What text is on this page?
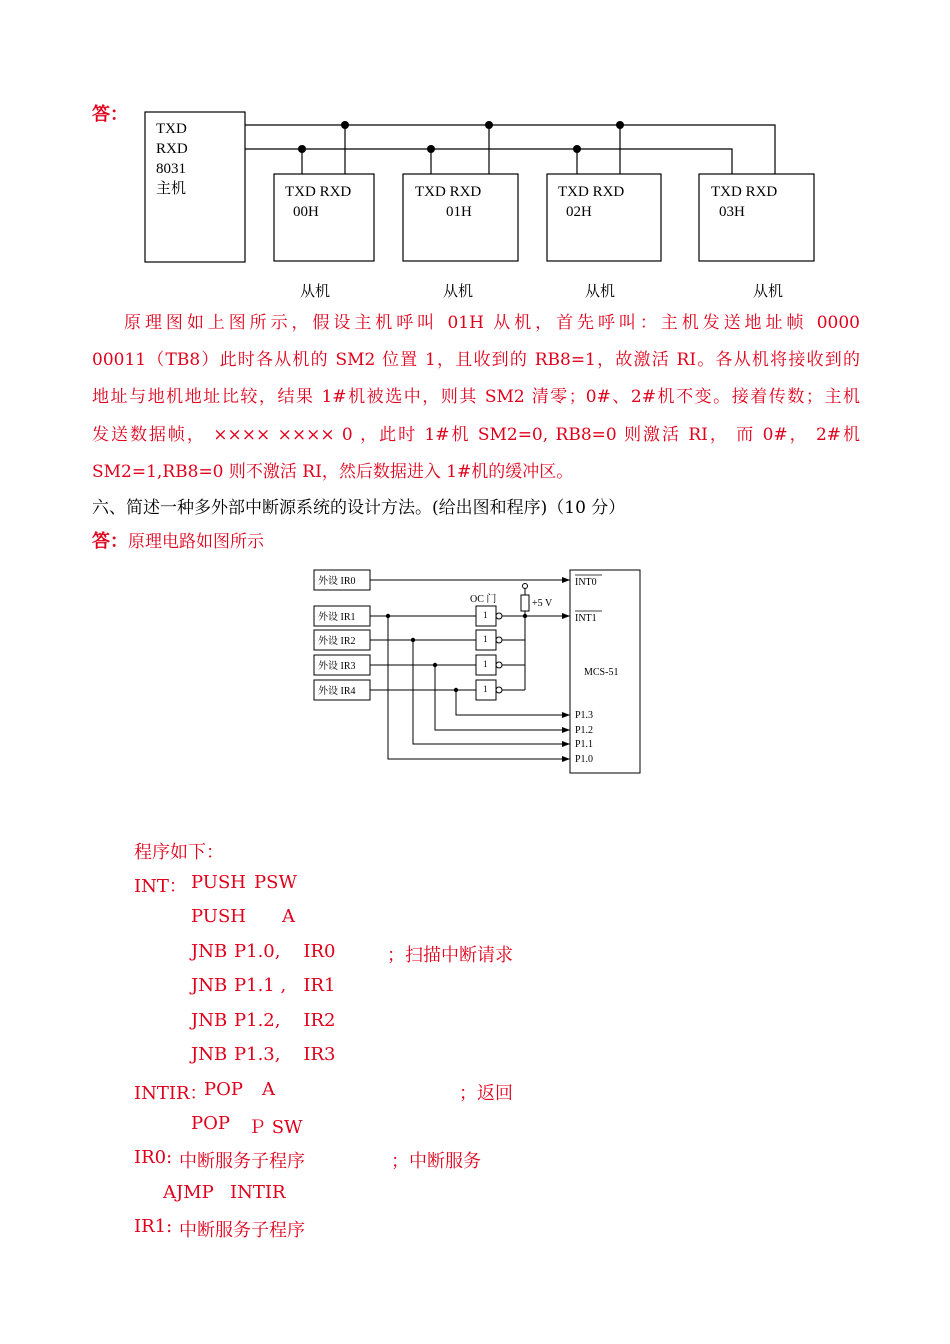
答：
TXD
RXD
8031
主机	TXD RXD
00H
TXD RXD
01H
TXD RXD
02H
TXD RXD
03H
从机	从机	从机	从机
原理图如上图所示，假设主机呼叫 01H 从机，首先呼叫：主机发送地址帧 0000
00011（TB8）此时各从机的 SM2 位置 1，且收到的 RB8=1，故激活 RI。各从机将接收到的
地址与地机地址比较，结果 1#机被选中，则其 SM2 清零；0#、2#机不变。接着传数；主机
发送数据帧， ×××× ×××× 0 ，此时 1#机 SM2=0, RB8=0 则激活 RI， 而 0#， 2#机
SM2=1,RB8=0 则不激活 RI，然后数据进入 1#机的缓冲区。
六、简述一种多外部中断源系统的设计方法。(给出图和程序)（10 分）
答：原理电路如图所示
外设 IR0
外设 IR1
外设 IR2
外设 IR3
外设 IR4
OC 门
1
1
1
1
+5 V
MCS-51
INT0
INT1
P1.3
P1.2
P1.1
P1.0
程序如下：
INT： PUSH PSW
PUSH A
JNB P1.0,    IR0	；扫描中断请求
JNB P1.1 ,   IR1
JNB P1.2,    IR2
JNB P1.3,    IR3
INTIR：
POP A	；返回
POP Ｐ SW
IR0: 中断服务子程序	；中断服务
AJMP INTIR
IR1: 中断服务子程序
